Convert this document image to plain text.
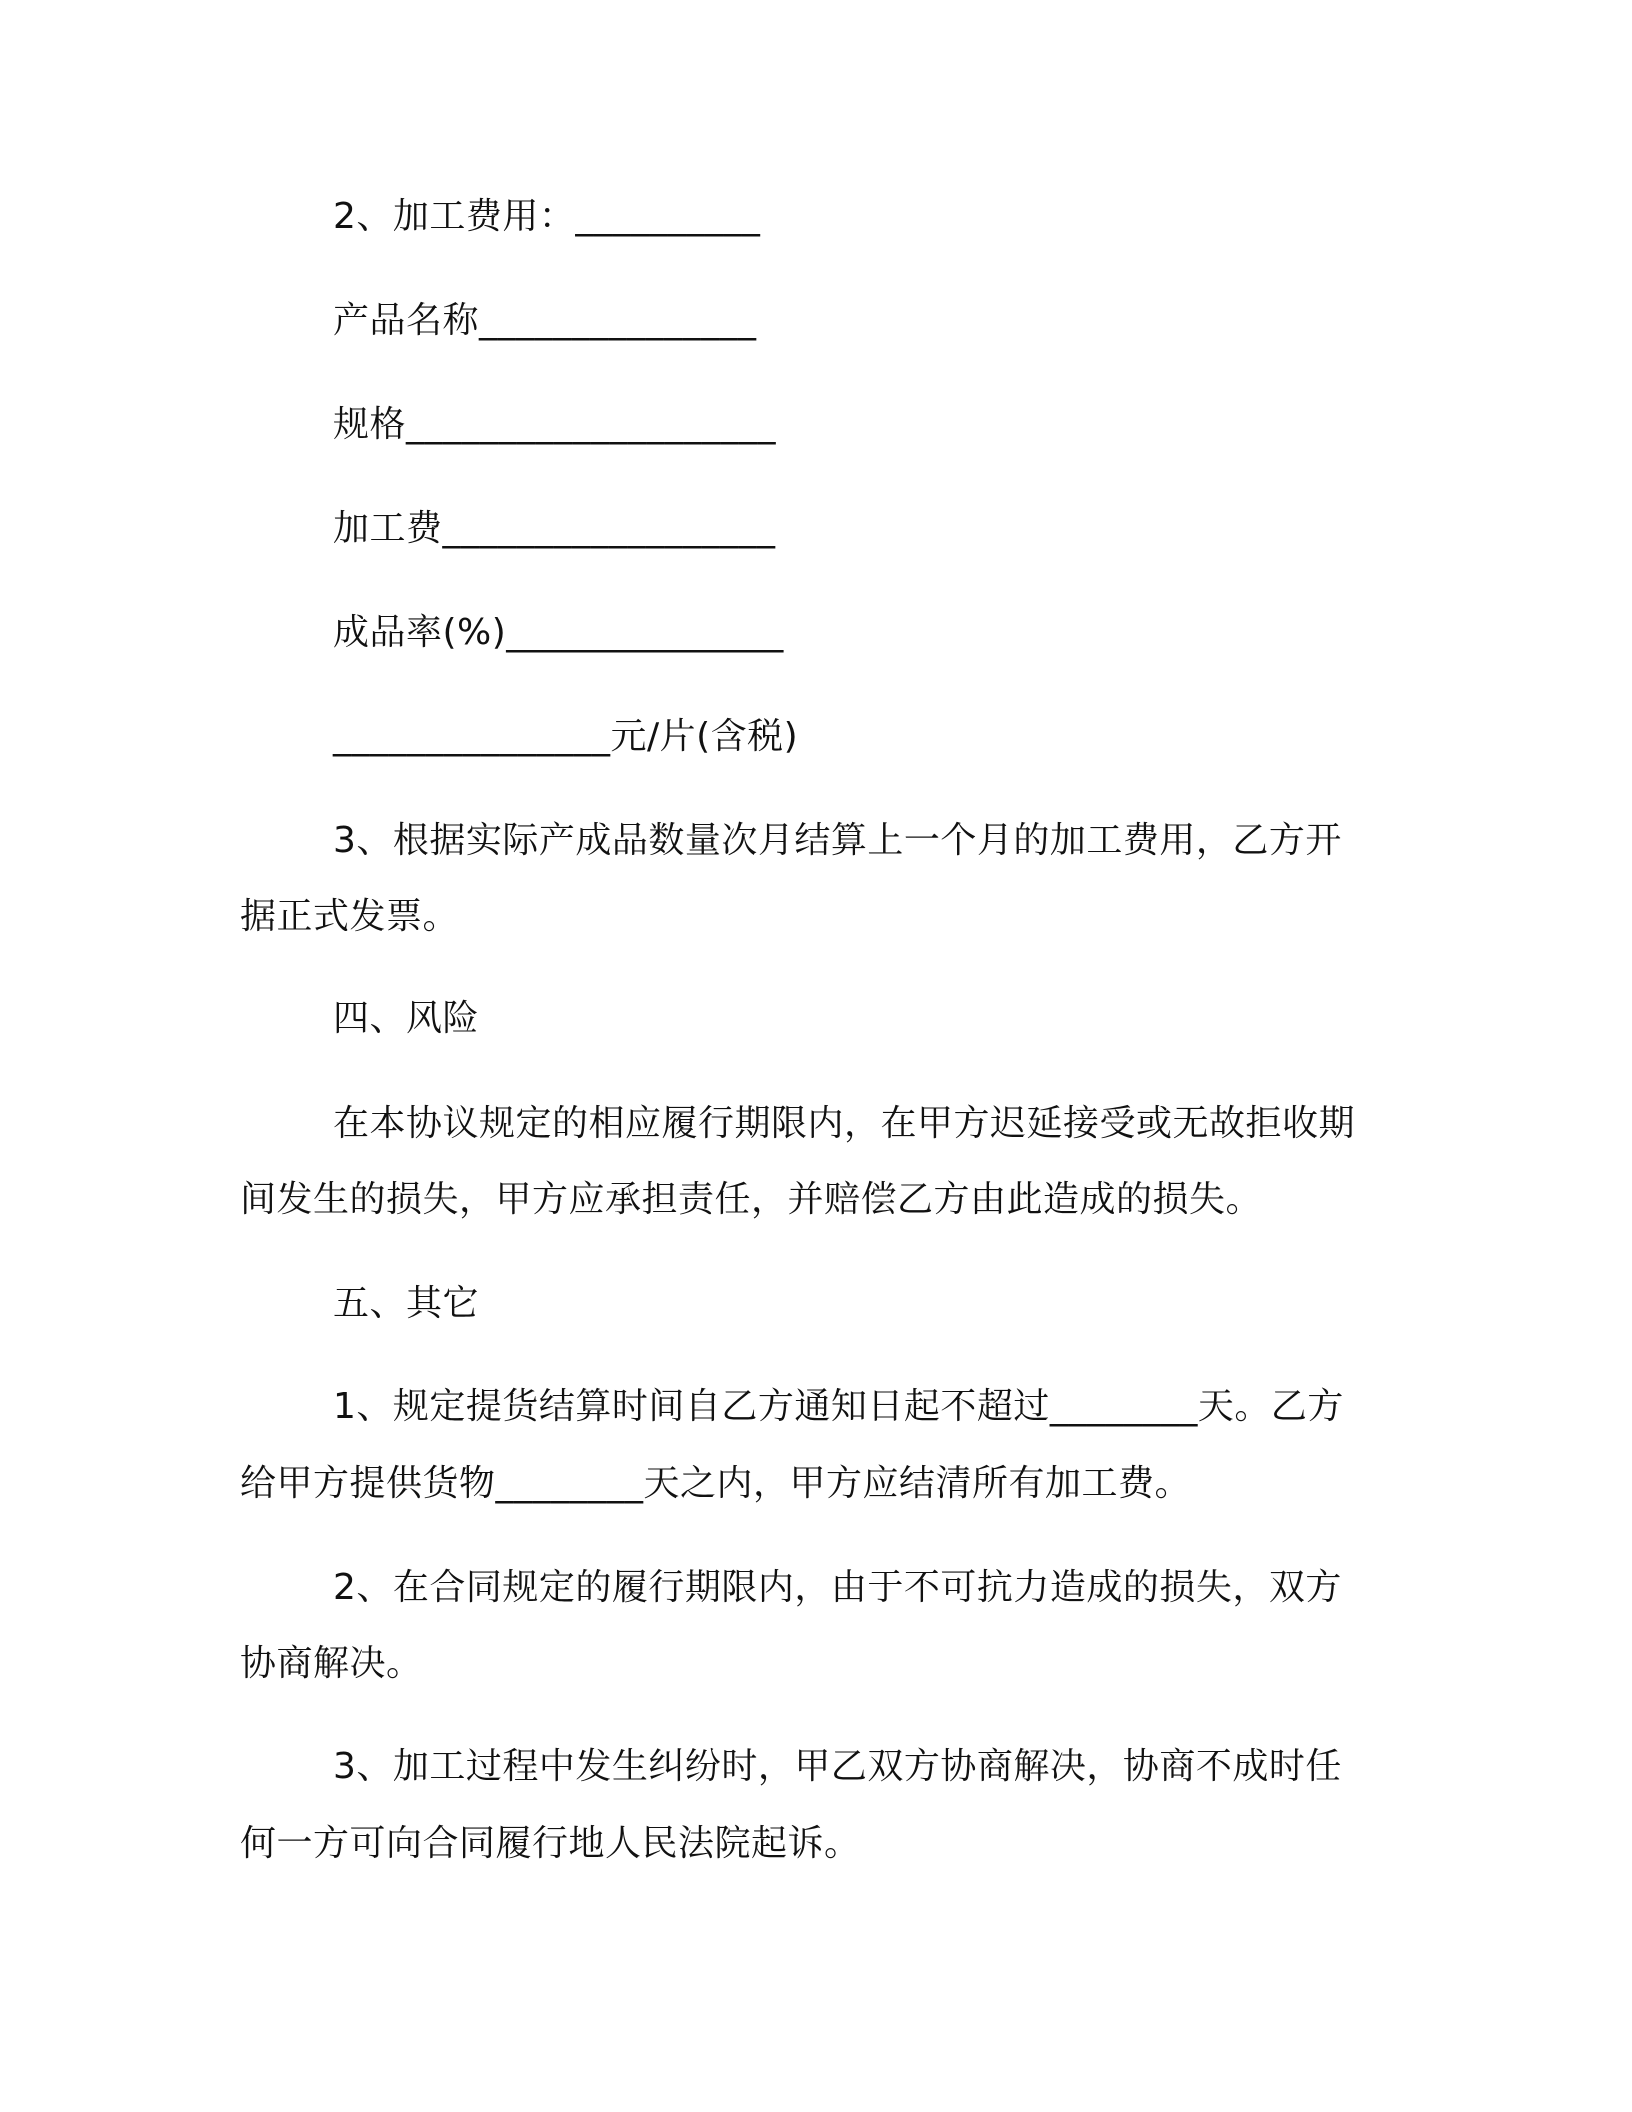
2、加工费用：__________
产品名称_______________
规格____________________
加工费__________________
成品率(%)_______________
_______________元/片(含税)
3、根据实际产成品数量次月结算上一个月的加工费用，乙方开
据正式发票。
四、风险
在本协议规定的相应履行期限内，在甲方迟延接受或无故拒收期
间发生的损失，甲方应承担责任，并赔偿乙方由此造成的损失。
五、其它
1、规定提货结算时间自乙方通知日起不超过________天。乙方
给甲方提供货物________天之内，甲方应结清所有加工费。
2、在合同规定的履行期限内，由于不可抗力造成的损失，双方
协商解决。
3、加工过程中发生纠纷时，甲乙双方协商解决，协商不成时任
何一方可向合同履行地人民法院起诉。
